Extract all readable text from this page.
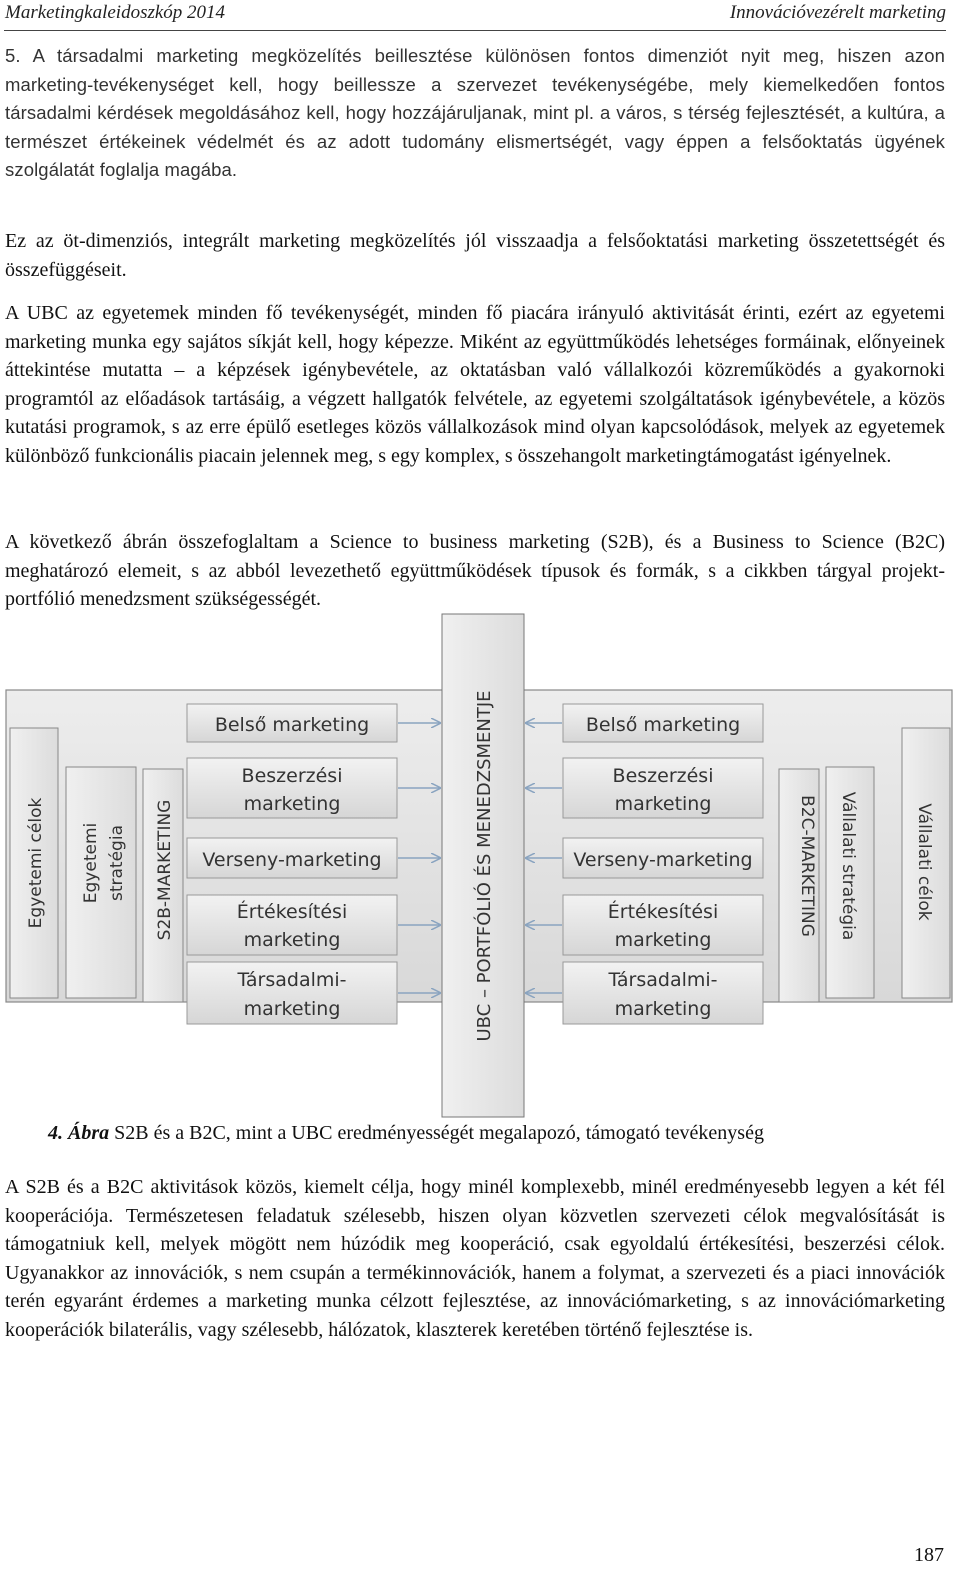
Marketingkaleidoszkóp 2014	Innovációvezérelt marketing

5. A társadalmi marketing megközelítés beillesztése különösen fontos dimenziót nyit meg, hiszen azon marketing-tevékenységet kell, hogy beillessze a szervezet tevékenységébe, mely kiemelkedően fontos társadalmi kérdések megoldásához kell, hogy hozzájáruljanak, mint pl. a város, s térség fejlesztését, a kultúra, a természet értékeinek védelmét és az adott tudomány elismertségét, vagy éppen a felsőoktatás ügyének szolgálatát foglalja magába.

Ez az öt-dimenziós, integrált marketing megközelítés jól visszaadja a felsőoktatási marketing összetettségét és összefüggéseit.

A UBC az egyetemek minden fő tevékenységét, minden fő piacára irányuló aktivitását érinti, ezért az egyetemi marketing munka egy sajátos síkját kell, hogy képezze. Miként az együttműködés lehetséges formáinak, előnyeinek áttekintése mutatta – a képzések igénybevétele, az oktatásban való vállalkozói közreműködés a gyakornoki programtól az előadások tartásáig, a végzett hallgatók felvétele, az egyetemi szolgáltatások igénybevétele, a közös kutatási programok, s az erre épülő esetleges közös vállalkozások mind olyan kapcsolódások, melyek az egyetemek különböző funkcionális piacain jelennek meg, s egy komplex, s összehangolt marketingtámogatást igényelnek.

A következő ábrán összefoglaltam a Science to business marketing (S2B), és a Business to Science (B2C) meghatározó elemeit, s az abból levezethető együttműködések típusok és formák, s a cikkben tárgyal projekt-portfólió menedzsment szükségességét.

Egyetemi célok Egyetemi stratégia S2B-MARKETING	UBC – PORTFÓLIÓ ÉS MENEDZSMENTJE	B2C-MARKETING Vállalati stratégia	Vállalati célok
Belső marketing
Beszerzési
marketing
Verseny-marketing
Értékesítési
marketing
Társadalmi-
marketing
Belső marketing
Beszerzési
marketing
Verseny-marketing
Értékesítési
marketing
Társadalmi-
marketing

4. Ábra S2B és a B2C, mint a UBC eredményességét megalapozó, támogató tevékenység

A S2B és a B2C aktivitások közös, kiemelt célja, hogy minél komplexebb, minél eredményesebb legyen a két fél kooperációja. Természetesen feladatuk szélesebb, hiszen olyan közvetlen szervezeti célok megvalósítását is támogatniuk kell, melyek mögött nem húzódik meg kooperáció, csak egyoldalú értékesítési, beszerzési célok. Ugyanakkor az innovációk, s nem csupán a termékinnovációk, hanem a folymat, a szervezeti és a piaci innovációk terén egyaránt érdemes a marketing munka célzott fejlesztése, az innovációmarketing, s az innovációmarketing kooperációk bilaterális, vagy szélesebb, hálózatok, klaszterek keretében történő fejlesztése is.

187
